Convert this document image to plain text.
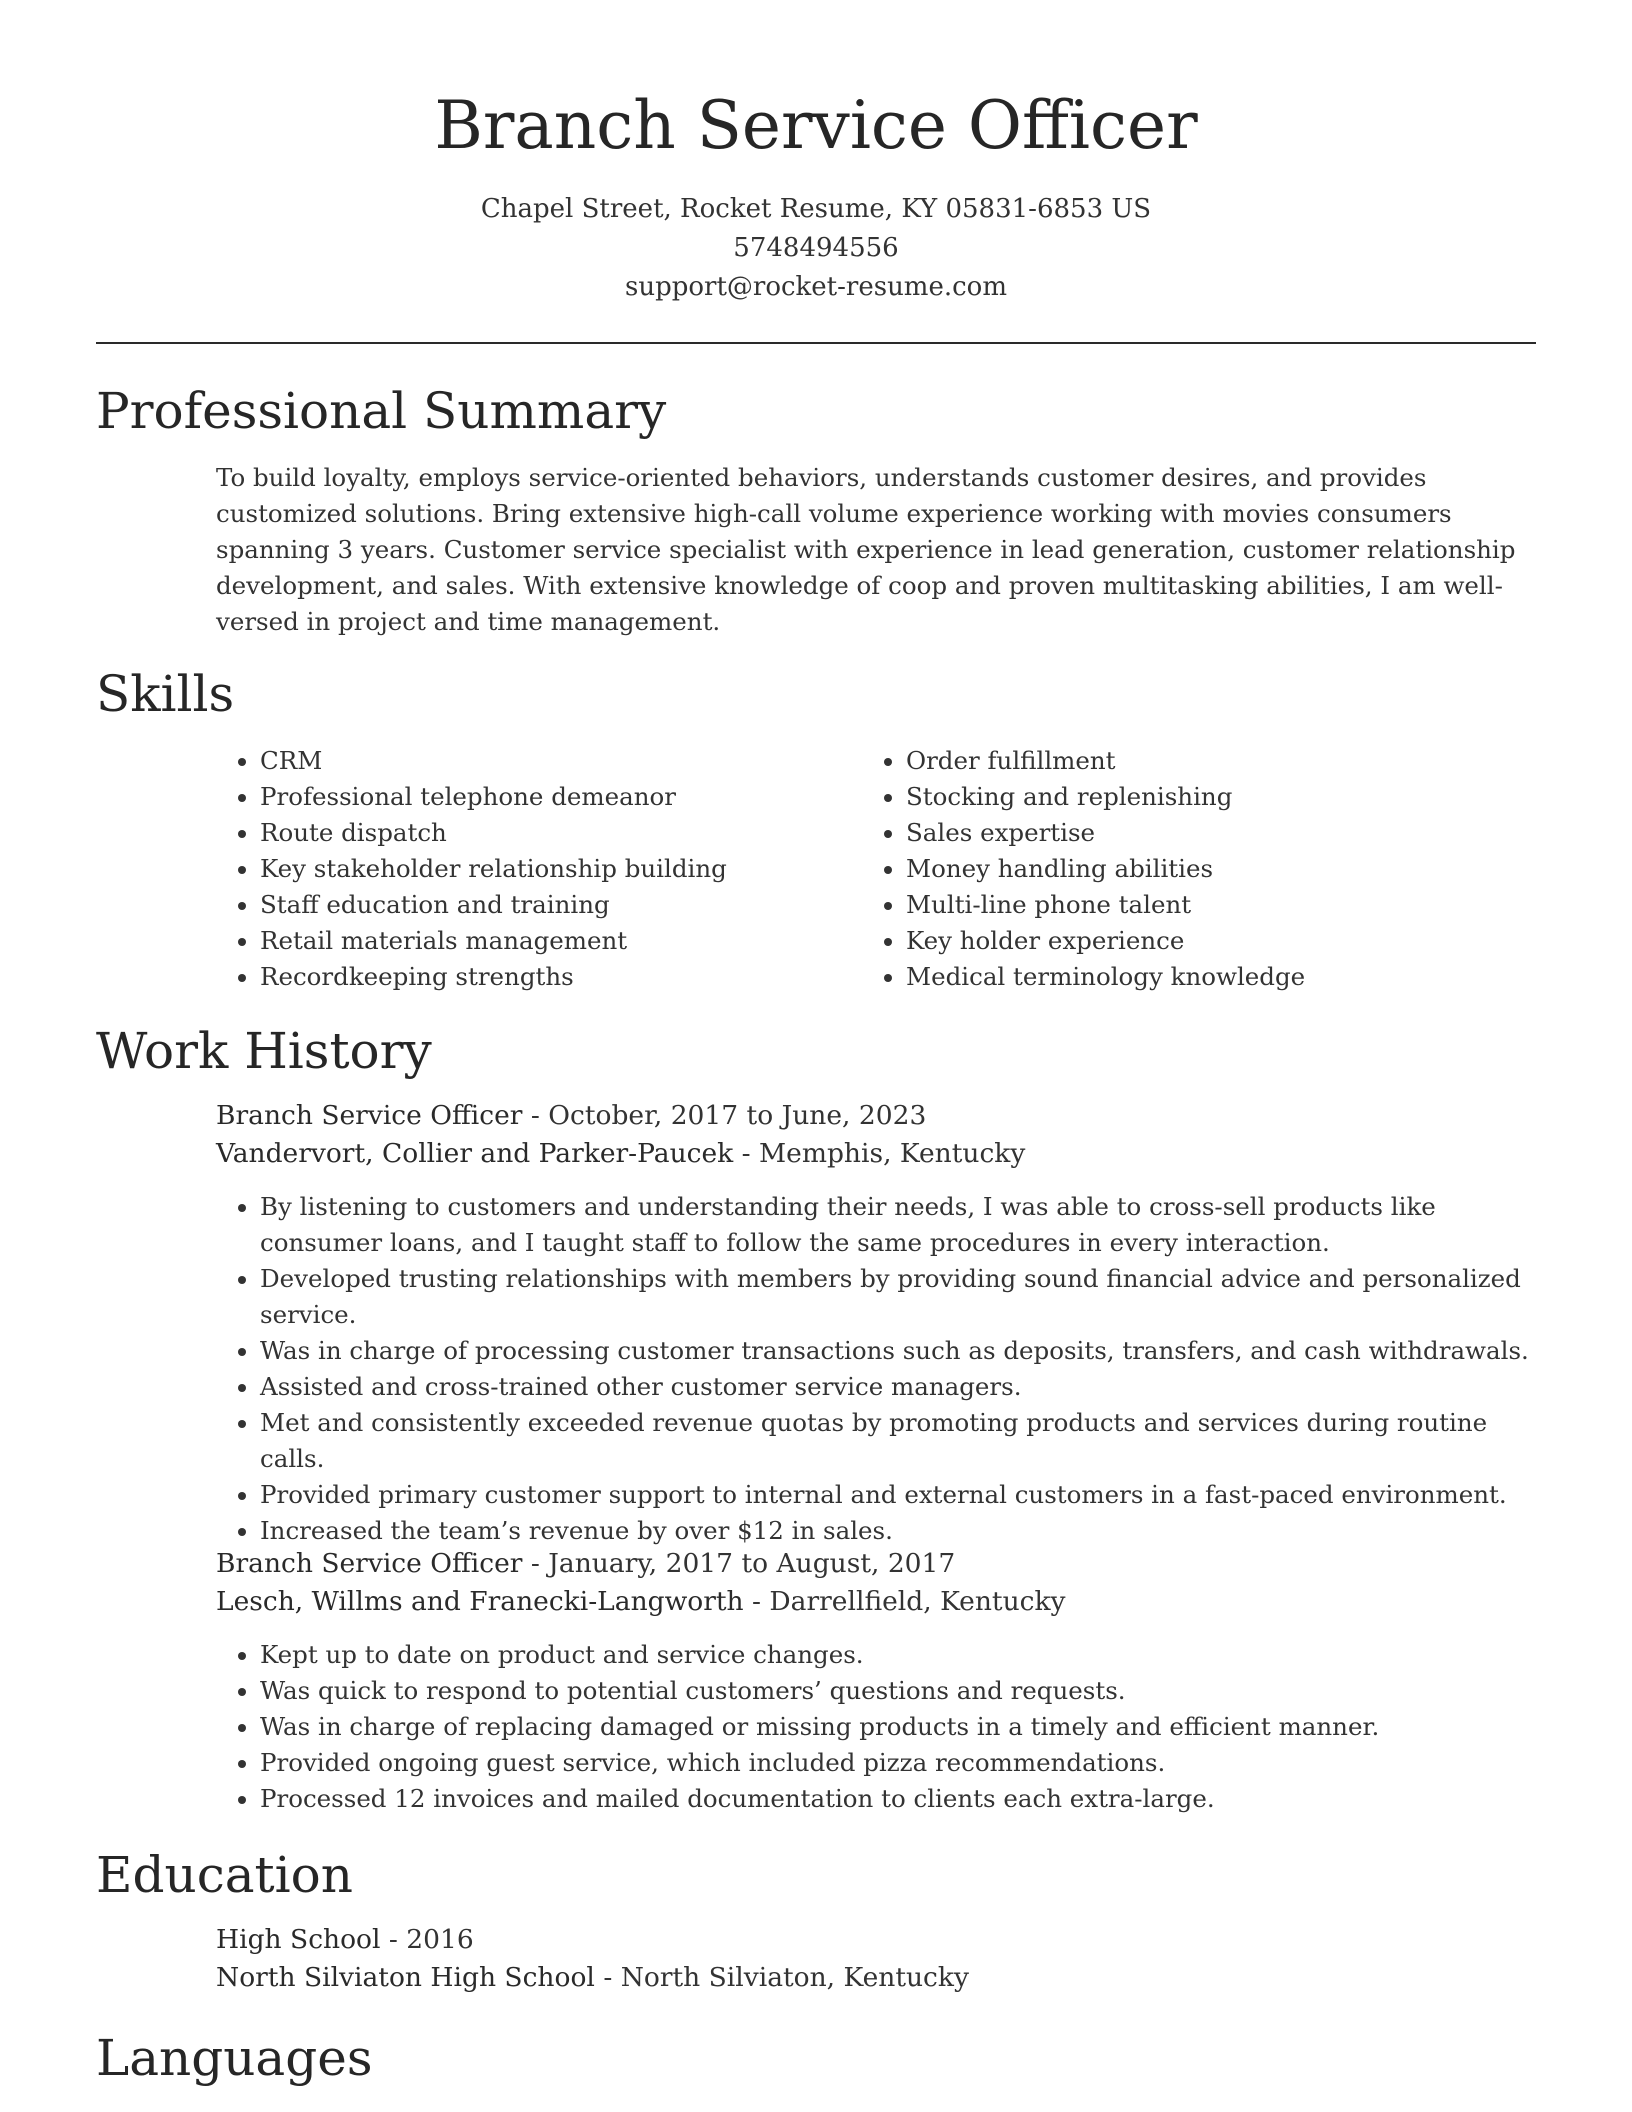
Branch Service Officer
Chapel Street, Rocket Resume, KY 05831-6853 US
5748494556
support@rocket-resume.com
Professional Summary
To build loyalty, employs service-oriented behaviors, understands customer desires, and provides customized solutions. Bring extensive high-call volume experience working with movies consumers spanning 3 years. Customer service specialist with experience in lead generation, customer relationship development, and sales. With extensive knowledge of coop and proven multitasking abilities, I am well-versed in project and time management.
Skills
• CRM
• Professional telephone demeanor
• Route dispatch
• Key stakeholder relationship building
• Staff education and training
• Retail materials management
• Recordkeeping strengths
• Order fulfillment
• Stocking and replenishing
• Sales expertise
• Money handling abilities
• Multi-line phone talent
• Key holder experience
• Medical terminology knowledge
Work History
Branch Service Officer - October, 2017 to June, 2023
Vandervort, Collier and Parker-Paucek - Memphis, Kentucky
• By listening to customers and understanding their needs, I was able to cross-sell products like consumer loans, and I taught staff to follow the same procedures in every interaction.
• Developed trusting relationships with members by providing sound financial advice and personalized service.
• Was in charge of processing customer transactions such as deposits, transfers, and cash withdrawals.
• Assisted and cross-trained other customer service managers.
• Met and consistently exceeded revenue quotas by promoting products and services during routine calls.
• Provided primary customer support to internal and external customers in a fast-paced environment.
• Increased the team’s revenue by over $12 in sales.
Branch Service Officer - January, 2017 to August, 2017
Lesch, Willms and Franecki-Langworth - Darrellfield, Kentucky
• Kept up to date on product and service changes.
• Was quick to respond to potential customers’ questions and requests.
• Was in charge of replacing damaged or missing products in a timely and efficient manner.
• Provided ongoing guest service, which included pizza recommendations.
• Processed 12 invoices and mailed documentation to clients each extra-large.
Education
High School - 2016
North Silviaton High School - North Silviaton, Kentucky
Languages
